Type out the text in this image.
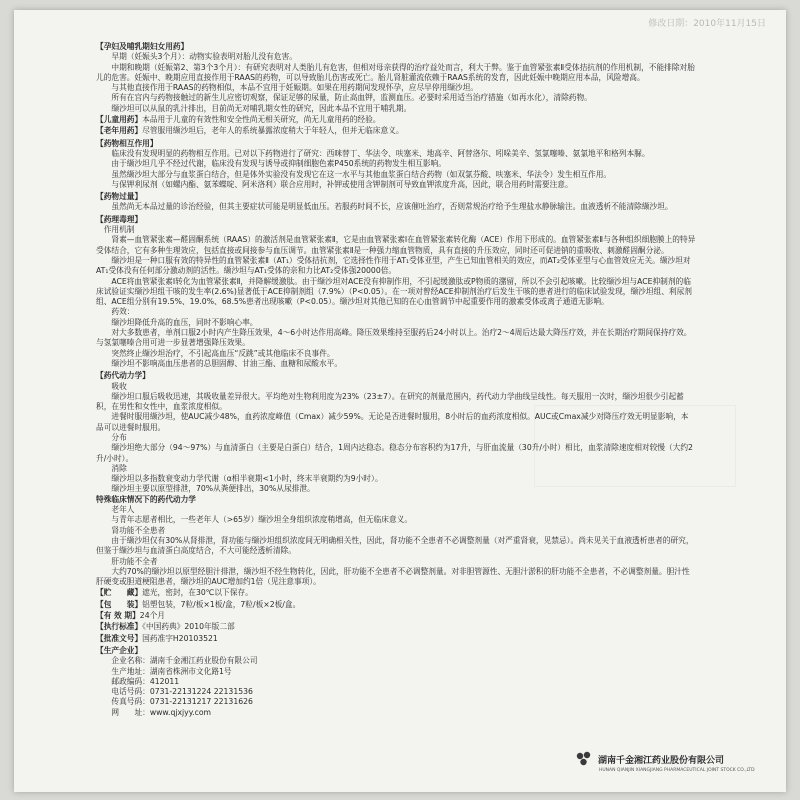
修改日期：2010年11月15日
【孕妇及哺乳期妇女用药】

早期（妊娠头3个月）：动物实验表明对胎儿没有危害。

中期和晚期（妊娠第2、第3个3个月）：有研究表明对人类胎儿有危害，但相对母亲获得的治疗益处而言，利大于弊。鉴于血管紧张素Ⅱ受体拮抗剂的作用机制，不能排除对胎儿的危害。妊娠中、晚期应用直接作用于RAAS的药物，可以导致胎儿伤害或死亡。胎儿肾脏灌流依赖于RAAS系统的发育，因此妊娠中晚期应用本品，风险增高。

与其他直接作用于RAAS的药物相似，本品不宜用于妊娠期。如果在用药期间发现怀孕，应尽早停用缬沙坦。

所有在宫内与药物接触过的新生儿应密切观察，保证足够的尿量，防止高血钾，监测血压。必要时采用适当治疗措施（如再水化），清除药物。

缬沙坦可以从鼠的乳汁排出，目前尚无对哺乳期女性的研究，因此本品不宜用于哺乳期。

【儿童用药】本品用于儿童的有效性和安全性尚无相关研究，尚无儿童用药的经验。
【老年用药】尽管服用缬沙坦后，老年人的系统暴露浓度稍大于年轻人，但并无临床意义。
【药物相互作用】

临床没有发现明显的药物相互作用。已对以下药物进行了研究：西咪替丁、华法令、呋塞米、地高辛、阿替洛尔、吲哚美辛、氢氯噻嗪、氨氯地平和格列本脲。

由于缬沙坦几乎不经过代谢，临床没有发现与诱导或抑制细胞色素P450系统的药物发生相互影响。

虽然缬沙坦大部分与血浆蛋白结合，但是体外实验没有发现它在这一水平与其他血浆蛋白结合药物（如双氯芬酸、呋塞米、华法令）发生相互作用。

与保钾利尿剂（如螺内酯、氨苯蝶啶、阿米洛利）联合应用时，补钾或使用含钾制剂可导致血钾浓度升高，因此，联合用药时需要注意。

【药物过量】

虽然尚无本品过量的诊治经验，但其主要症状可能是明显低血压。若服药时间不长，应该催吐治疗，否则常规治疗给予生理盐水静脉输注。血液透析不能清除缬沙坦。

【药理毒理】

作用机制

肾素—血管紧张素—醛固酮系统（RAAS）的激活剂是血管紧张素Ⅱ，它是由血管紧张素Ⅰ在血管紧张素转化酶（ACE）作用下形成的。血管紧张素Ⅱ与各种组织细胞膜上的特异受体结合，它有多种生理效应，包括直接或间接参与血压调节。血管紧张素Ⅱ是一种强力缩血管物质，具有直接的升压效应，同时还可促进钠的重吸收、刺激醛固酮分泌。

缬沙坦是一种口服有效的特异性的血管紧张素Ⅱ（AT₁）受体拮抗剂，它选择性作用于AT₁受体亚型，产生已知血管相关的效应，而AT₂受体亚型与心血管效应无关。缬沙坦对AT₁受体没有任何部分激动剂的活性。缬沙坦与AT₁受体的亲和力比AT₂受体强20000倍。

ACE将血管紧张素Ⅰ转化为血管紧张素Ⅱ，并降解缓激肽。由于缬沙坦对ACE没有抑制作用，不引起缓激肽或P物质的潴留，所以不会引起咳嗽。比较缬沙坦与ACE抑制剂的临床试验证实缬沙坦组干咳的发生率(2.6%)显著低于ACE抑制剂组（7.9%）（P<0.05）。在一项对曾经ACE抑制剂治疗后发生干咳的患者进行的临床试验发现，缬沙坦组、利尿剂组、ACE组分别有19.5%、19.0%、68.5%患者出现咳嗽（P<0.05）。缬沙坦对其他已知的在心血管调节中起重要作用的激素受体或离子通道无影响。

药效：

缬沙坦降低升高的血压，同时不影响心率。

对大多数患者，单剂口服2小时内产生降压效果，4～6小时达作用高峰。降压效果维持至服药后24小时以上。治疗2～4周后达最大降压疗效，并在长期治疗期间保持疗效。与氢氯噻嗪合用可进一步显著增强降压效果。

突然终止缬沙坦治疗，不引起高血压“反跳”或其他临床不良事件。

缬沙坦不影响高血压患者的总胆固醇、甘油三酯、血糖和尿酸水平。

【药代动力学】

吸收

缬沙坦口服后吸收迅速，其吸收量差异很大。平均绝对生物利用度为23%（23±7）。在研究的剂量范围内，药代动力学曲线呈线性。每天服用一次时，缬沙坦很少引起蓄积，在男性和女性中，血浆浓度相似。

进餐时服用缬沙坦，使AUC减少48%，血药浓度峰值（Cmax）减少59%。无论是否进餐时服用，8小时后的血药浓度相似。AUC或Cmax减少对降压疗效无明显影响，本品可以进餐时服用。

分布

缬沙坦绝大部分（94～97%）与血清蛋白（主要是白蛋白）结合，1周内达稳态。稳态分布容积约为17升，与肝血流量（30升/小时）相比，血浆清除速度相对较慢（大约2升/小时）。

消除

缬沙坦以多指数衰变动力学代谢（α相半衰期<1小时，终末半衰期约为9小时）。

缬沙坦主要以原型排泄，70%从粪便排出，30%从尿排泄。

特殊临床情况下的药代动力学

老年人

与青年志愿者相比，一些老年人（>65岁）缬沙坦全身组织浓度稍增高，但无临床意义。

肾功能不全患者

由于缬沙坦仅有30%从肾排泄，肾功能与缬沙坦组织浓度间无明确相关性，因此，肾功能不全患者不必调整剂量（对严重肾衰，见禁忌）。尚未见关于血液透析患者的研究，但鉴于缬沙坦与血清蛋白高度结合，不大可能经透析清除。

肝功能不全者

大约70%的缬沙坦以原型经胆汁排泄，缬沙坦不经生物转化，因此，肝功能不全患者不必调整剂量。对非胆管源性、无胆汁淤积的肝功能不全患者，不必调整剂量。胆汁性肝硬变或胆道梗阻患者，缬沙坦的AUC增加约1倍（见注意事项）。

【贮　　藏】遮光，密封，在30℃以下保存。
【包　　装】铝塑包装，7粒/板×1板/盒，7粒/板×2板/盒。
【有 效 期】24个月
【执行标准】《中国药典》2010年版二部
【批准文号】国药准字H20103521
【生产企业】

企业名称：湖南千金湘江药业股份有限公司

生产地址：湖南省株洲市文化路1号

邮政编码：412011

电话号码：0731-22131224 22131536

传真号码：0731-22131217 22131626

网　　址：www.qjxjyy.com

湖南千金湘江药业股份有限公司
HUNAN QIANJIN XIANGJIANG PHARMACEUTICAL JOINT STOCK CO.,LTD
